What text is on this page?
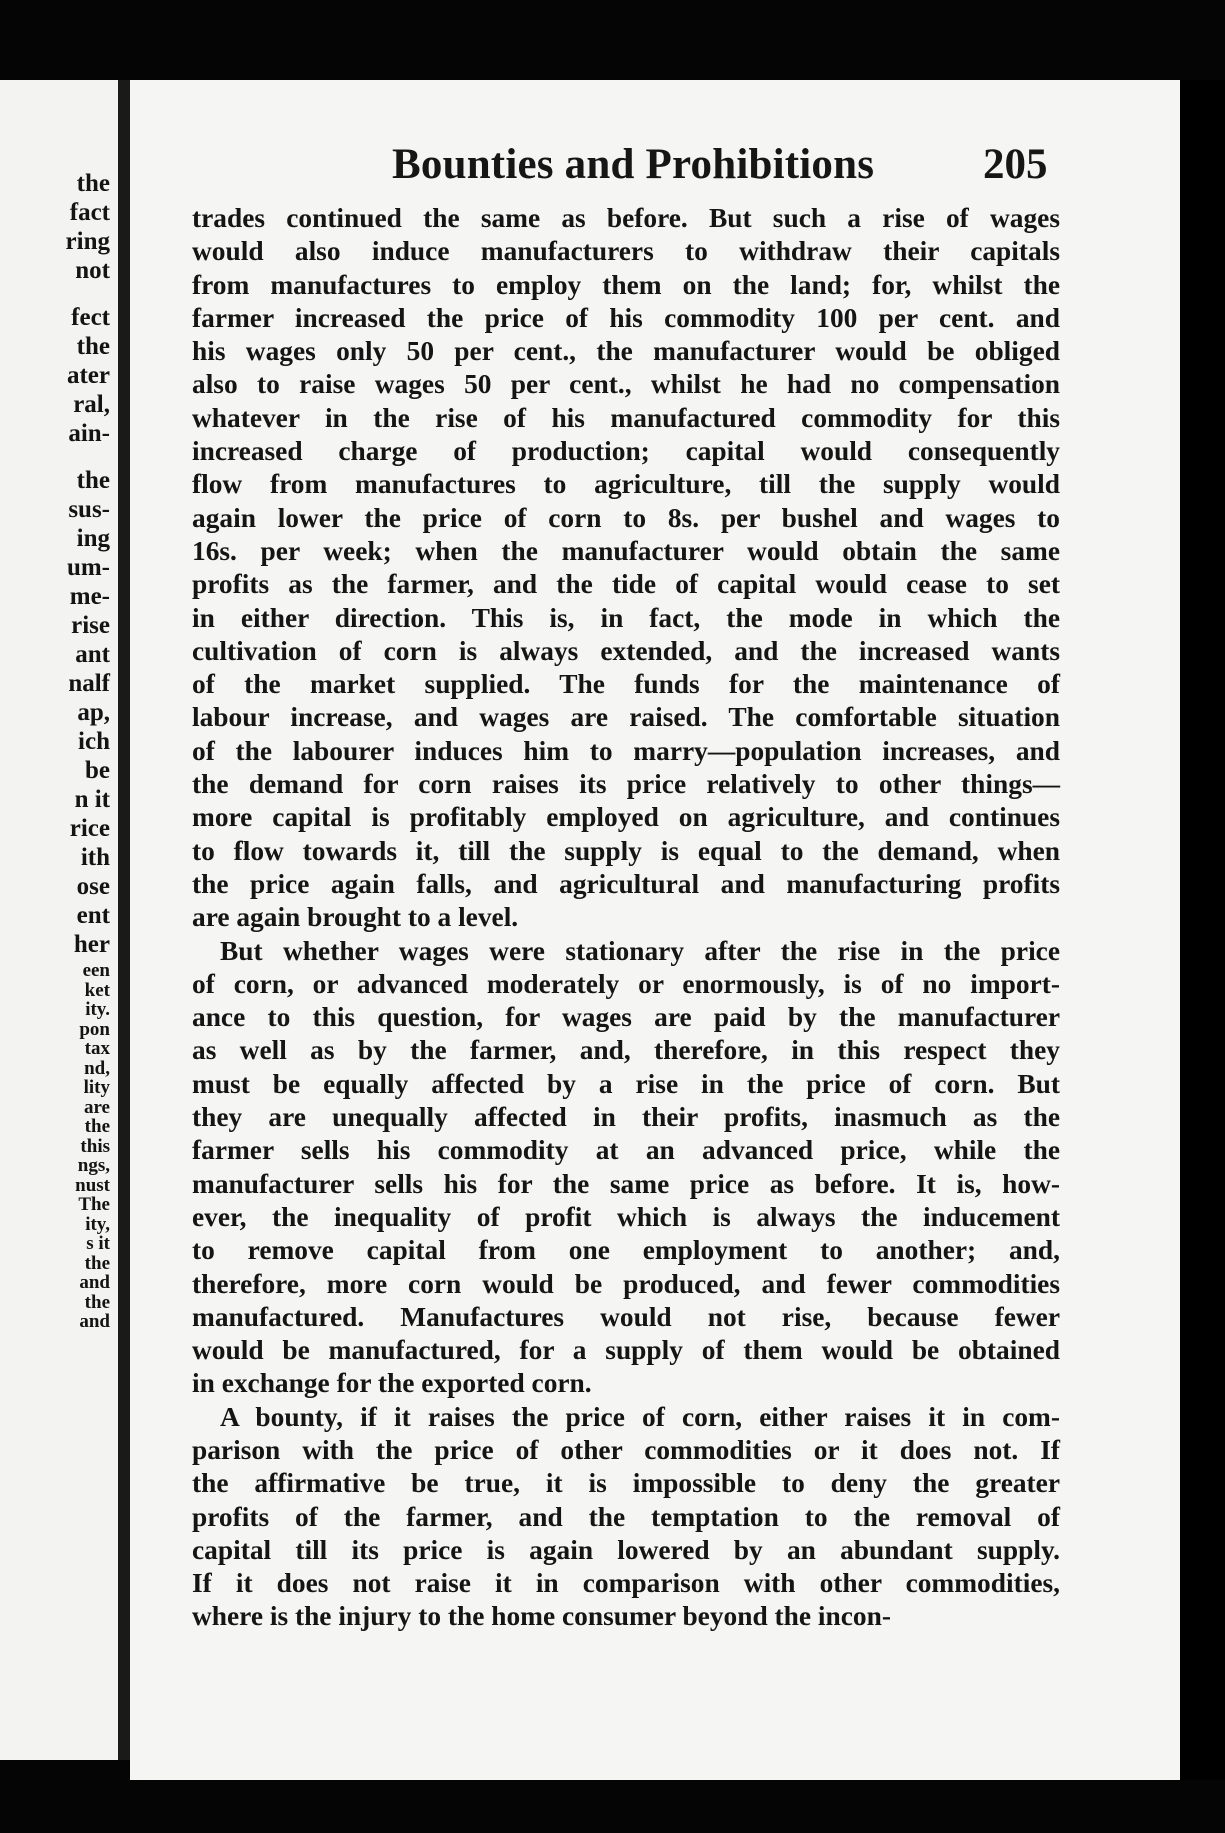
the
fact
ring
not
fect
the
ater
ral,
ain-
the
sus-
ing
um-
me-
rise
ant
nalf
ap,
ich
be
n it
rice
ith
ose
ent
her
een
ket
ity.
pon
tax
nd,
lity
are
the
this
ngs,
nust
The
ity,
s it
the
and
the
and
Bounties and Prohibitions	205
trades continued the same as before. But such a rise of wages
would also induce manufacturers to withdraw their capitals
from manufactures to employ them on the land; for, whilst the
farmer increased the price of his commodity 100 per cent. and
his wages only 50 per cent., the manufacturer would be obliged
also to raise wages 50 per cent., whilst he had no compensation
whatever in the rise of his manufactured commodity for this
increased charge of production; capital would consequently
flow from manufactures to agriculture, till the supply would
again lower the price of corn to 8s. per bushel and wages to
16s. per week; when the manufacturer would obtain the same
profits as the farmer, and the tide of capital would cease to set
in either direction. This is, in fact, the mode in which the
cultivation of corn is always extended, and the increased wants
of the market supplied. The funds for the maintenance of
labour increase, and wages are raised. The comfortable situation
of the labourer induces him to marry—population increases, and
the demand for corn raises its price relatively to other things—
more capital is profitably employed on agriculture, and continues
to flow towards it, till the supply is equal to the demand, when
the price again falls, and agricultural and manufacturing profits
are again brought to a level.
But whether wages were stationary after the rise in the price
of corn, or advanced moderately or enormously, is of no import-
ance to this question, for wages are paid by the manufacturer
as well as by the farmer, and, therefore, in this respect they
must be equally affected by a rise in the price of corn. But
they are unequally affected in their profits, inasmuch as the
farmer sells his commodity at an advanced price, while the
manufacturer sells his for the same price as before. It is, how-
ever, the inequality of profit which is always the inducement
to remove capital from one employment to another; and,
therefore, more corn would be produced, and fewer commodities
manufactured. Manufactures would not rise, because fewer
would be manufactured, for a supply of them would be obtained
in exchange for the exported corn.
A bounty, if it raises the price of corn, either raises it in com-
parison with the price of other commodities or it does not. If
the affirmative be true, it is impossible to deny the greater
profits of the farmer, and the temptation to the removal of
capital till its price is again lowered by an abundant supply.
If it does not raise it in comparison with other commodities,
where is the injury to the home consumer beyond the incon-
